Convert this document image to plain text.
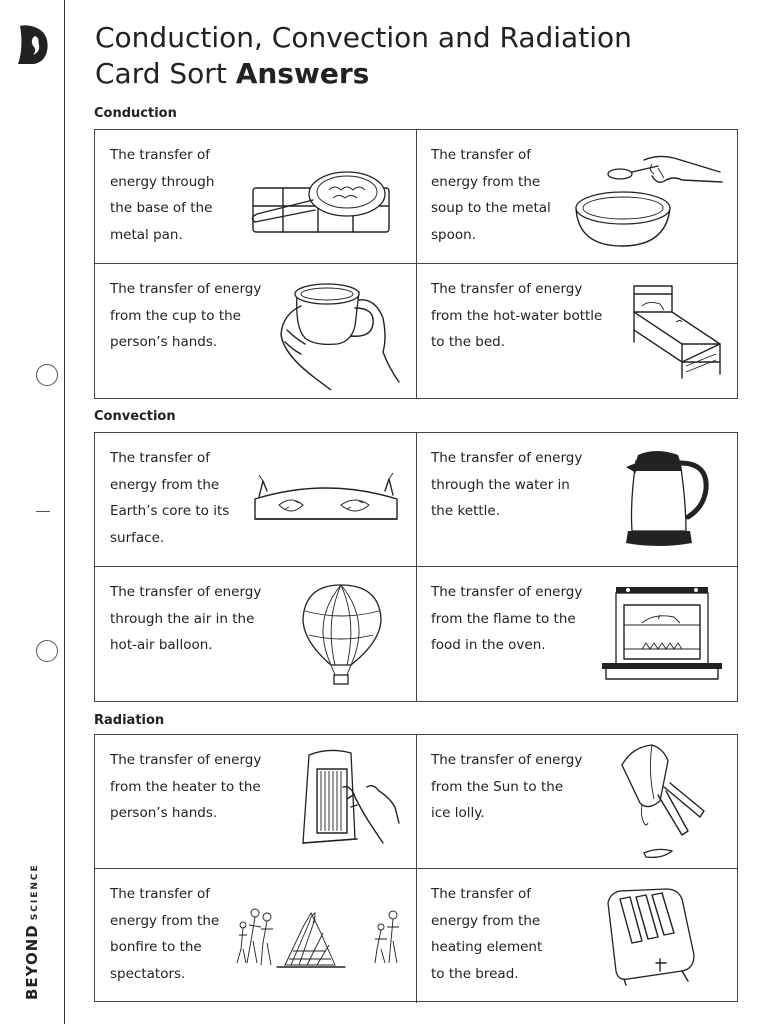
BEYONDSCIENCE
Conduction, Convection and Radiation
Card Sort Answers
Conduction
The transfer of
energy through
the base of the
metal pan.
The transfer of
energy from the
soup to the metal
spoon.
The transfer of energy
from the cup to the
person’s hands.
The transfer of energy
from the hot-water bottle
to the bed.
Convection
The transfer of
energy from the
Earth’s core to its
surface.
The transfer of energy
through the water in
the kettle.
The transfer of energy
through the air in the
hot-air balloon.
The transfer of energy
from the flame to the
food in the oven.
Radiation
The transfer of energy
from the heater to the
person’s hands.
The transfer of energy
from the Sun to the
ice lolly.
The transfer of
energy from the
bonfire to the
spectators.
The transfer of
energy from the
heating element
to the bread.
